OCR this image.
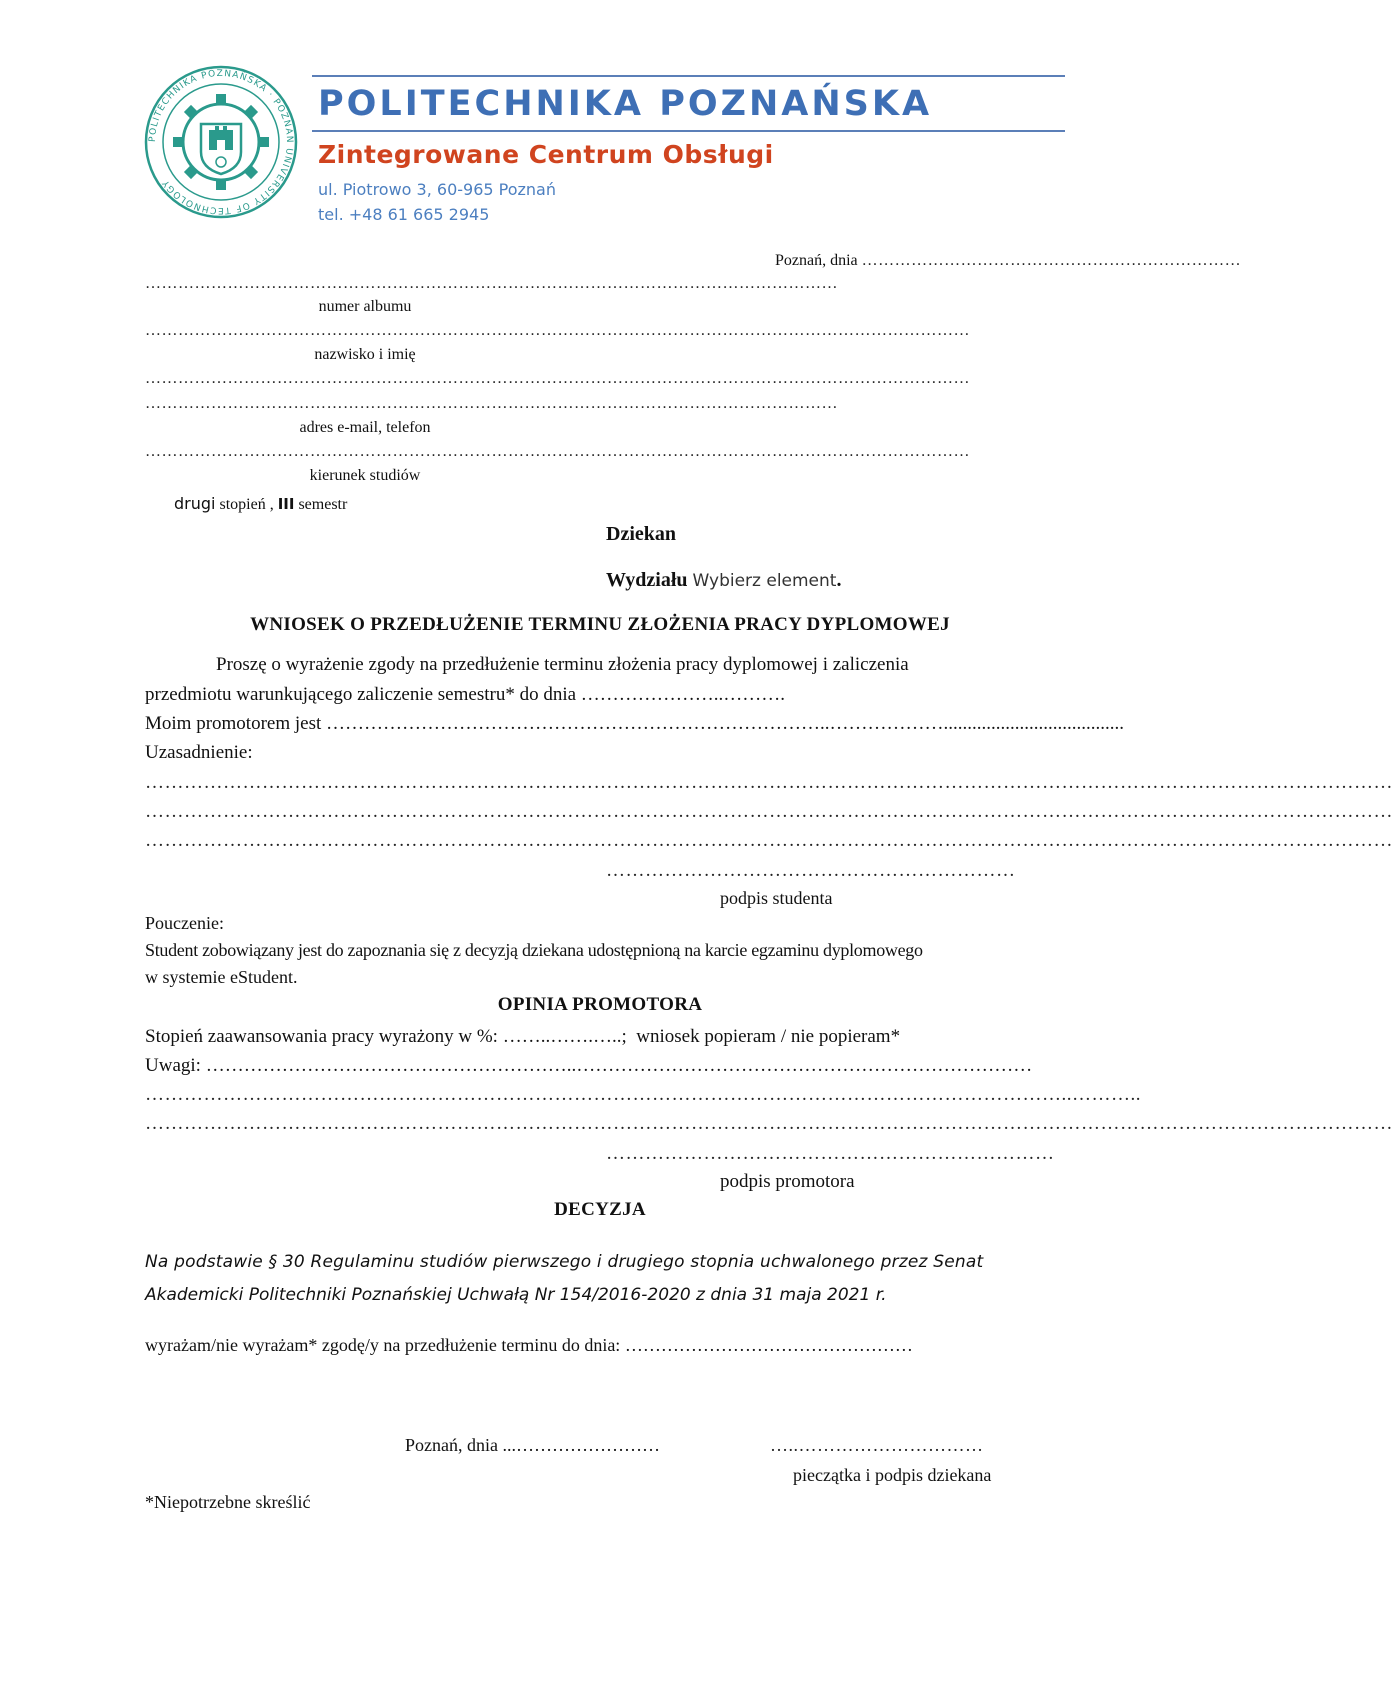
POLITECHNIKA POZNAŃSKA · POZNAN UNIVERSITY OF TECHNOLOGY
POLITECHNIKA POZNAŃSKA
Zintegrowane Centrum Obsługi
ul. Piotrowo 3, 60-965 Poznań
tel. +48 61 665 2945
Poznań, dnia ……………………………………………………………
………………………………………………………………………………………………………………
numer albumu
……………………………………………………………………………………………………………………………………
nazwisko i imię
……………………………………………………………………………………………………………………………………
………………………………………………………………………………………………………………
adres e-mail, telefon
……………………………………………………………………………………………………………………………………
kierunek studiów
drugi stopień , III semestr
Dziekan
Wydziału Wybierz element.
WNIOSEK O PRZEDŁUŻENIE TERMINU ZŁOŻENIA PRACY DYPLOMOWEJ
Proszę o wyrażenie zgody na przedłużenie terminu złożenia pracy dyplomowej i zaliczenia
przedmiotu warunkującego zaliczenie semestru* do dnia …………………..……….
Moim promotorem jest ……………………………………………………………………..………………......................................
Uzasadnienie:
…………………………………………………………………………………………………………………………………………………………………………
…………………………………………………………………………………………………………………………………………………………………………
…………………………………………………………………………………………………………………………………………………………………………
………………………………………………………
podpis studenta
Pouczenie:
Student zobowiązany jest do zapoznania się z decyzją dziekana udostępnioną na karcie egzaminu dyplomowego
w systemie eStudent.
OPINIA PROMOTORA
Stopień zaawansowania pracy wyrażony w %: ……..…….…..; wniosek popieram / nie popieram*
Uwagi: …………………………………………………..………………………………………………………………
……………………………………………………………………………………………………………………………..………..
…………………………………………………………………………………………………………………………………………………………………………
……………………………………………………………
podpis promotora
DECYZJA
Na podstawie § 30 Regulaminu studiów pierwszego i drugiego stopnia uchwalonego przez Senat
Akademicki Politechniki Poznańskiej Uchwałą Nr 154/2016-2020 z dnia 31 maja 2021 r.
wyrażam/nie wyrażam* zgodę/y na przedłużenie terminu do dnia: …………………………………………
Poznań, dnia ...……………………	…..…………………………
pieczątka i podpis dziekana
*Niepotrzebne skreślić
